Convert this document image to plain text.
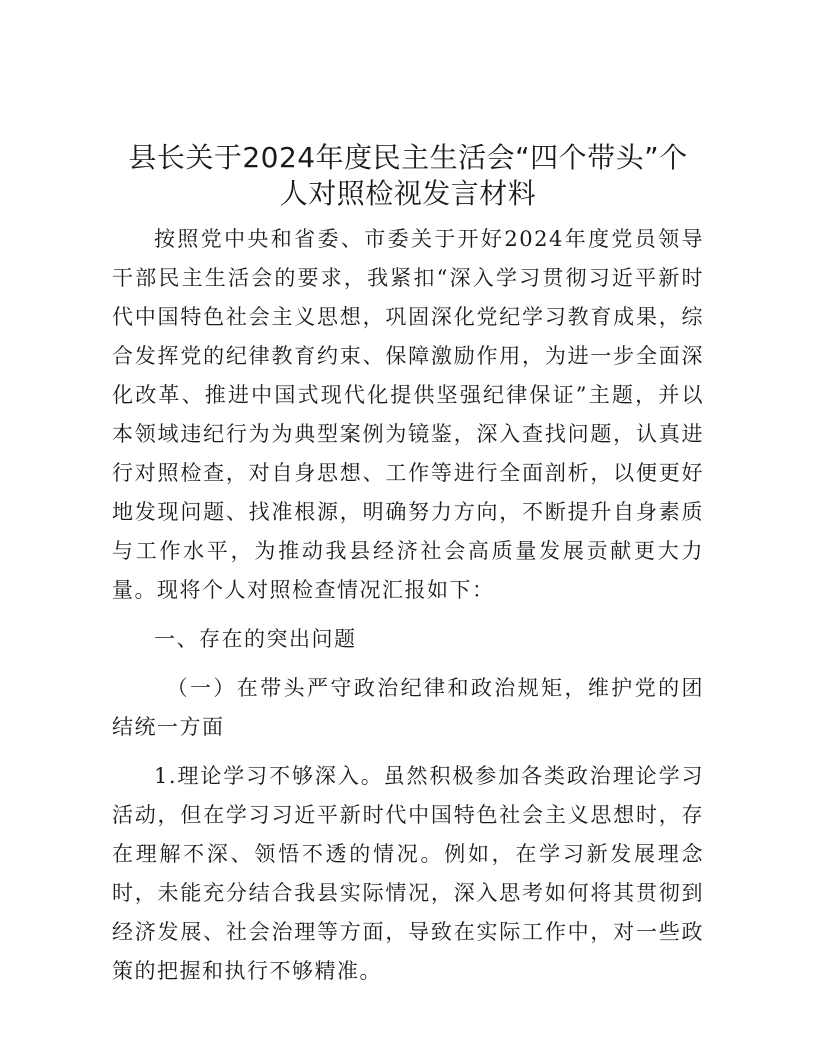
县长关于2024年度民主生活会“四个带头”个
人对照检视发言材料

按照党中央和省委、市委关于开好2024年度党员领导干部民主生活会的要求，我紧扣“深入学习贯彻习近平新时代中国特色社会主义思想，巩固深化党纪学习教育成果，综合发挥党的纪律教育约束、保障激励作用，为进一步全面深化改革、推进中国式现代化提供坚强纪律保证”主题，并以本领域违纪行为为典型案例为镜鉴，深入查找问题，认真进行对照检查，对自身思想、工作等进行全面剖析，以便更好地发现问题、找准根源，明确努力方向，不断提升自身素质与工作水平，为推动我县经济社会高质量发展贡献更大力量。现将个人对照检查情况汇报如下：

一、存在的突出问题

（一）在带头严守政治纪律和政治规矩，维护党的团结统一方面

1.理论学习不够深入。虽然积极参加各类政治理论学习活动，但在学习习近平新时代中国特色社会主义思想时，存在理解不深、领悟不透的情况。例如，在学习新发展理念时，未能充分结合我县实际情况，深入思考如何将其贯彻到经济发展、社会治理等方面，导致在实际工作中，对一些政策的把握和执行不够精准。
